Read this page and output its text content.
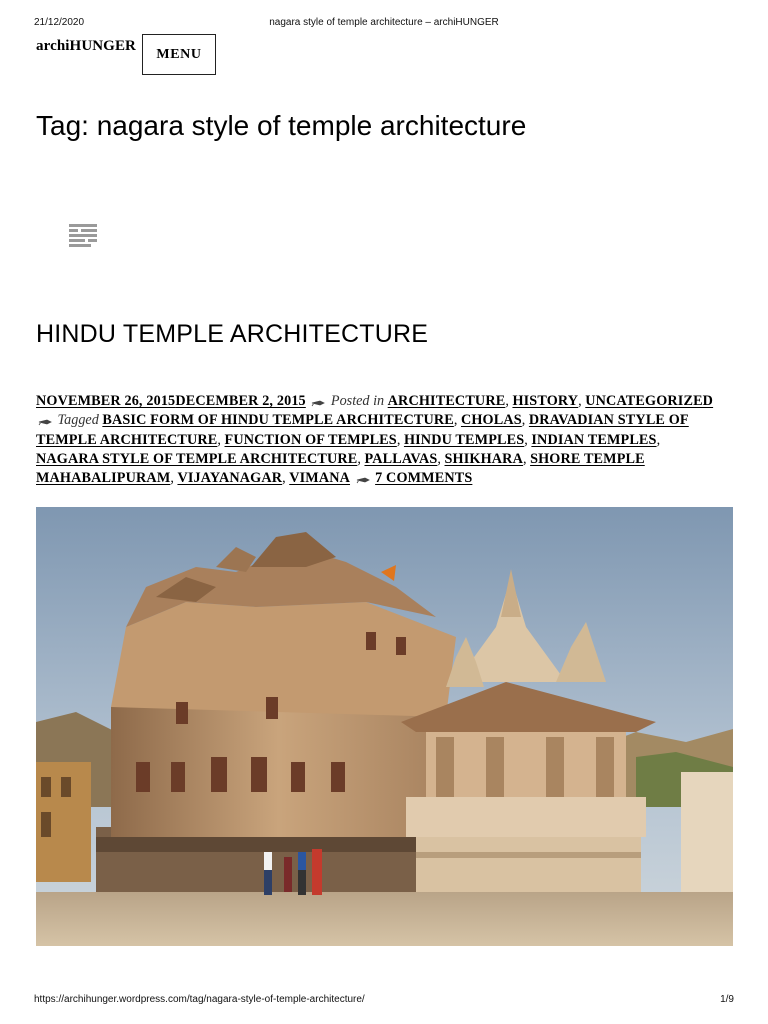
21/12/2020	nagara style of temple architecture – archiHUNGER
archiHUNGER	MENU
Tag: nagara style of temple architecture
HINDU TEMPLE ARCHITECTURE
NOVEMBER 26, 2015DECEMBER 2, 2015 Posted in ARCHITECTURE, HISTORY, UNCATEGORIZED  Tagged BASIC FORM OF HINDU TEMPLE ARCHITECTURE, CHOLAS, DRAVADIAN STYLE OF TEMPLE ARCHITECTURE, FUNCTION OF TEMPLES, HINDU TEMPLES, INDIAN TEMPLES, NAGARA STYLE OF TEMPLE ARCHITECTURE, PALLAVAS, SHIKHARA, SHORE TEMPLE MAHABALIPURAM, VIJAYANAGAR, VIMANA 7 COMMENTS
https://archihunger.wordpress.com/tag/nagara-style-of-temple-architecture/	1/9
